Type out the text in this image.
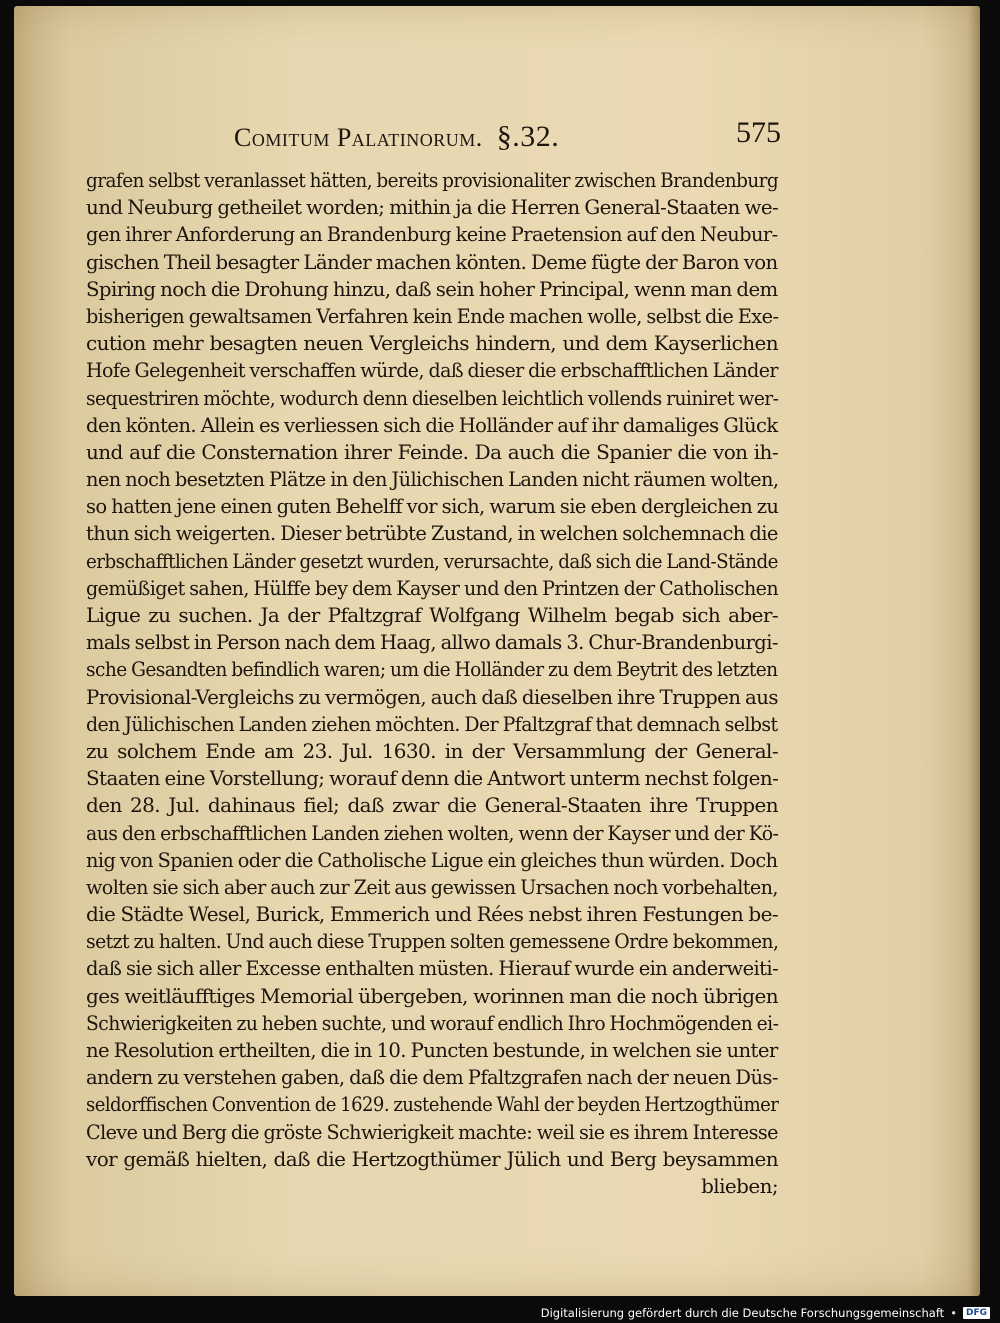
Comitum Palatinorum. §.32.	575
grafen selbst veranlasset hätten, bereits provisionaliter zwischen Brandenburg
und Neuburg getheilet worden; mithin ja die Herren General-Staaten we-
gen ihrer Anforderung an Brandenburg keine Praetension auf den Neubur-
gischen Theil besagter Länder machen könten. Deme fügte der Baron von
Spiring noch die Drohung hinzu, daß sein hoher Principal, wenn man dem
bisherigen gewaltsamen Verfahren kein Ende machen wolle, selbst die Exe-
cution mehr besagten neuen Vergleichs hindern, und dem Kayserlichen
Hofe Gelegenheit verschaffen würde, daß dieser die erbschafftlichen Länder
sequestriren möchte, wodurch denn dieselben leichtlich vollends ruiniret wer-
den könten. Allein es verliessen sich die Holländer auf ihr damaliges Glück
und auf die Consternation ihrer Feinde. Da auch die Spanier die von ih-
nen noch besetzten Plätze in den Jülichischen Landen nicht räumen wolten,
so hatten jene einen guten Behelff vor sich, warum sie eben dergleichen zu
thun sich weigerten. Dieser betrübte Zustand, in welchen solchemnach die
erbschafftlichen Länder gesetzt wurden, verursachte, daß sich die Land-Stände
gemüßiget sahen, Hülffe bey dem Kayser und den Printzen der Catholischen
Ligue zu suchen. Ja der Pfaltzgraf Wolfgang Wilhelm begab sich aber-
mals selbst in Person nach dem Haag, allwo damals 3. Chur-Brandenburgi-
sche Gesandten befindlich waren; um die Holländer zu dem Beytrit des letzten
Provisional-Vergleichs zu vermögen, auch daß dieselben ihre Truppen aus
den Jülichischen Landen ziehen möchten. Der Pfaltzgraf that demnach selbst
zu solchem Ende am 23. Jul. 1630. in der Versammlung der General-
Staaten eine Vorstellung; worauf denn die Antwort unterm nechst folgen-
den 28. Jul. dahinaus fiel; daß zwar die General-Staaten ihre Truppen
aus den erbschafftlichen Landen ziehen wolten, wenn der Kayser und der Kö-
nig von Spanien oder die Catholische Ligue ein gleiches thun würden. Doch
wolten sie sich aber auch zur Zeit aus gewissen Ursachen noch vorbehalten,
die Städte Wesel, Burick, Emmerich und Rées nebst ihren Festungen be-
setzt zu halten. Und auch diese Truppen solten gemessene Ordre bekommen,
daß sie sich aller Excesse enthalten müsten. Hierauf wurde ein anderweiti-
ges weitläufftiges Memorial übergeben, worinnen man die noch übrigen
Schwierigkeiten zu heben suchte, und worauf endlich Ihro Hochmögenden ei-
ne Resolution ertheilten, die in 10. Puncten bestunde, in welchen sie unter
andern zu verstehen gaben, daß die dem Pfaltzgrafen nach der neuen Düs-
seldorffischen Convention de 1629. zustehende Wahl der beyden Hertzogthümer
Cleve und Berg die gröste Schwierigkeit machte: weil sie es ihrem Interesse
vor gemäß hielten, daß die Hertzogthümer Jülich und Berg beysammen
blieben;
Digitalisierung gefördert durch die Deutsche Forschungsgemeinschaft •	DFG
